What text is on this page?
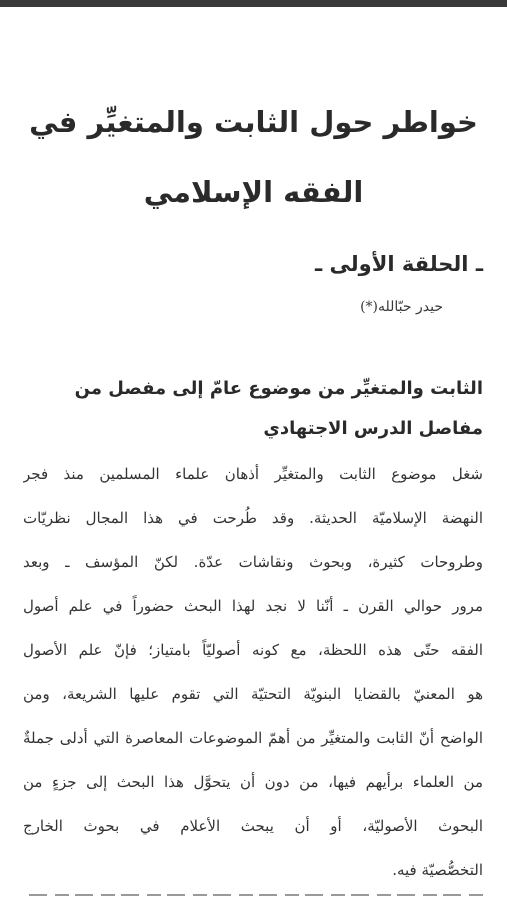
خواطر حول الثابت والمتغيِّر في
الفقه الإسلامي
ـ الحلقة الأولى ـ
حيدر حبّالله(*)
الثابت والمتغيِّر من موضوع عامّ إلى مفصل من
مفاصل الدرس الاجتهادي
شغل موضوع الثابت والمتغيِّر أذهان علماء المسلمين منذ فجر
النهضة الإسلاميّة الحديثة. وقد طُرحت في هذا المجال نظريّات
وطروحات كثيرة، وبحوث ونقاشات عدّة. لكنّ المؤسف ـ وبعد
مرور حوالي القرن ـ أنّنا لا نجد لهذا البحث حضوراً في علم أصول
الفقه حتّى هذه اللحظة، مع كونه أصوليّاً بامتياز؛ فإنّ علم الأصول
هو المعنيّ بالقضايا البنويّة التحتيّة التي تقوم عليها الشريعة، ومن
الواضح أنّ الثابت والمتغيِّر من أهمّ الموضوعات المعاصرة التي أدلى جملةٌ
من العلماء برأيهم فيها، من دون أن يتحوَّل هذا البحث إلى جزءٍ من
البحوث الأصوليّة، أو أن يبحث الأعلام في بحوث الخارج
التخصُّصيّة فيه.
